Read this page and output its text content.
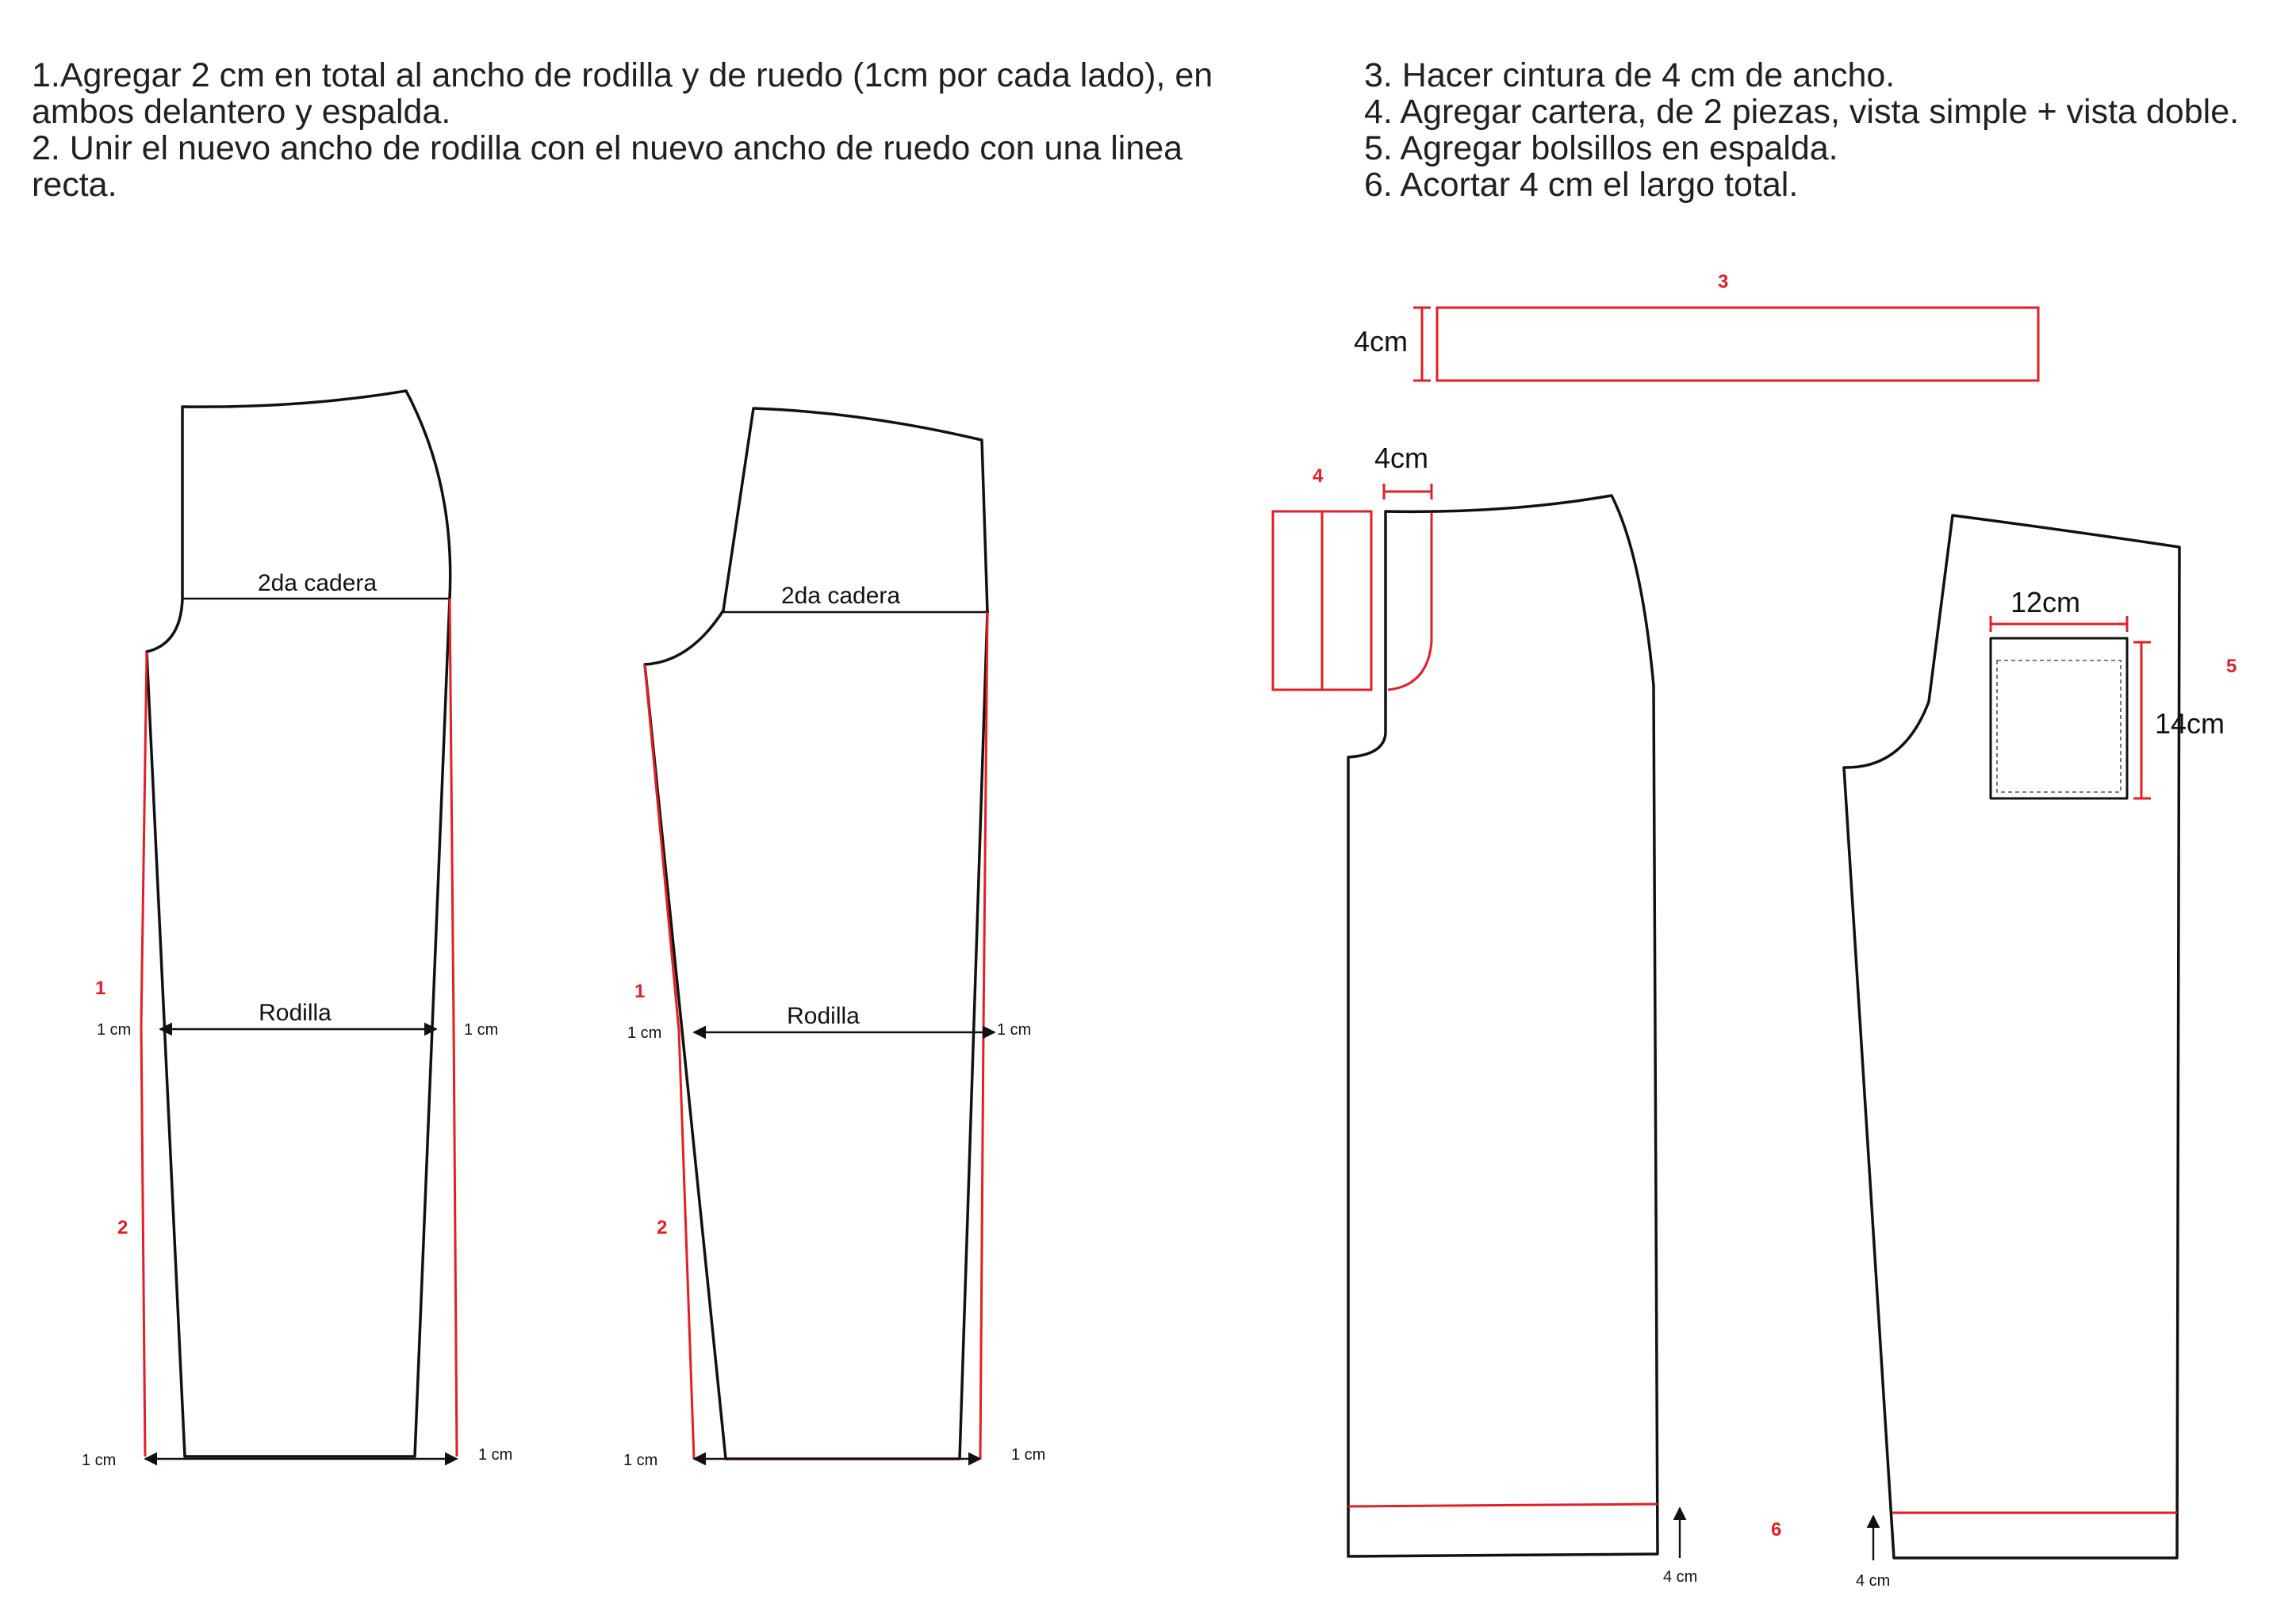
1.Agregar 2 cm en total al ancho de rodilla y de ruedo (1cm por cada lado), en ambos delantero y espalda.

2. Unir el nuevo ancho de rodilla con el nuevo ancho de ruedo con una linea recta.

3. Hacer cintura de 4 cm de ancho.

4. Agregar cartera, de 2 piezas, vista simple + vista doble.

5. Agregar bolsillos en espalda.

6. Acortar 4 cm el largo total.

2da cadera
Rodilla
1 cm	1 cm
1 cm	1 cm
1
2
2da cadera
Rodilla
1 cm	1 cm
1 cm	1 cm
1
2
4cm
3
4cm
4
4 cm
6
12cm
14cm
5
4 cm
